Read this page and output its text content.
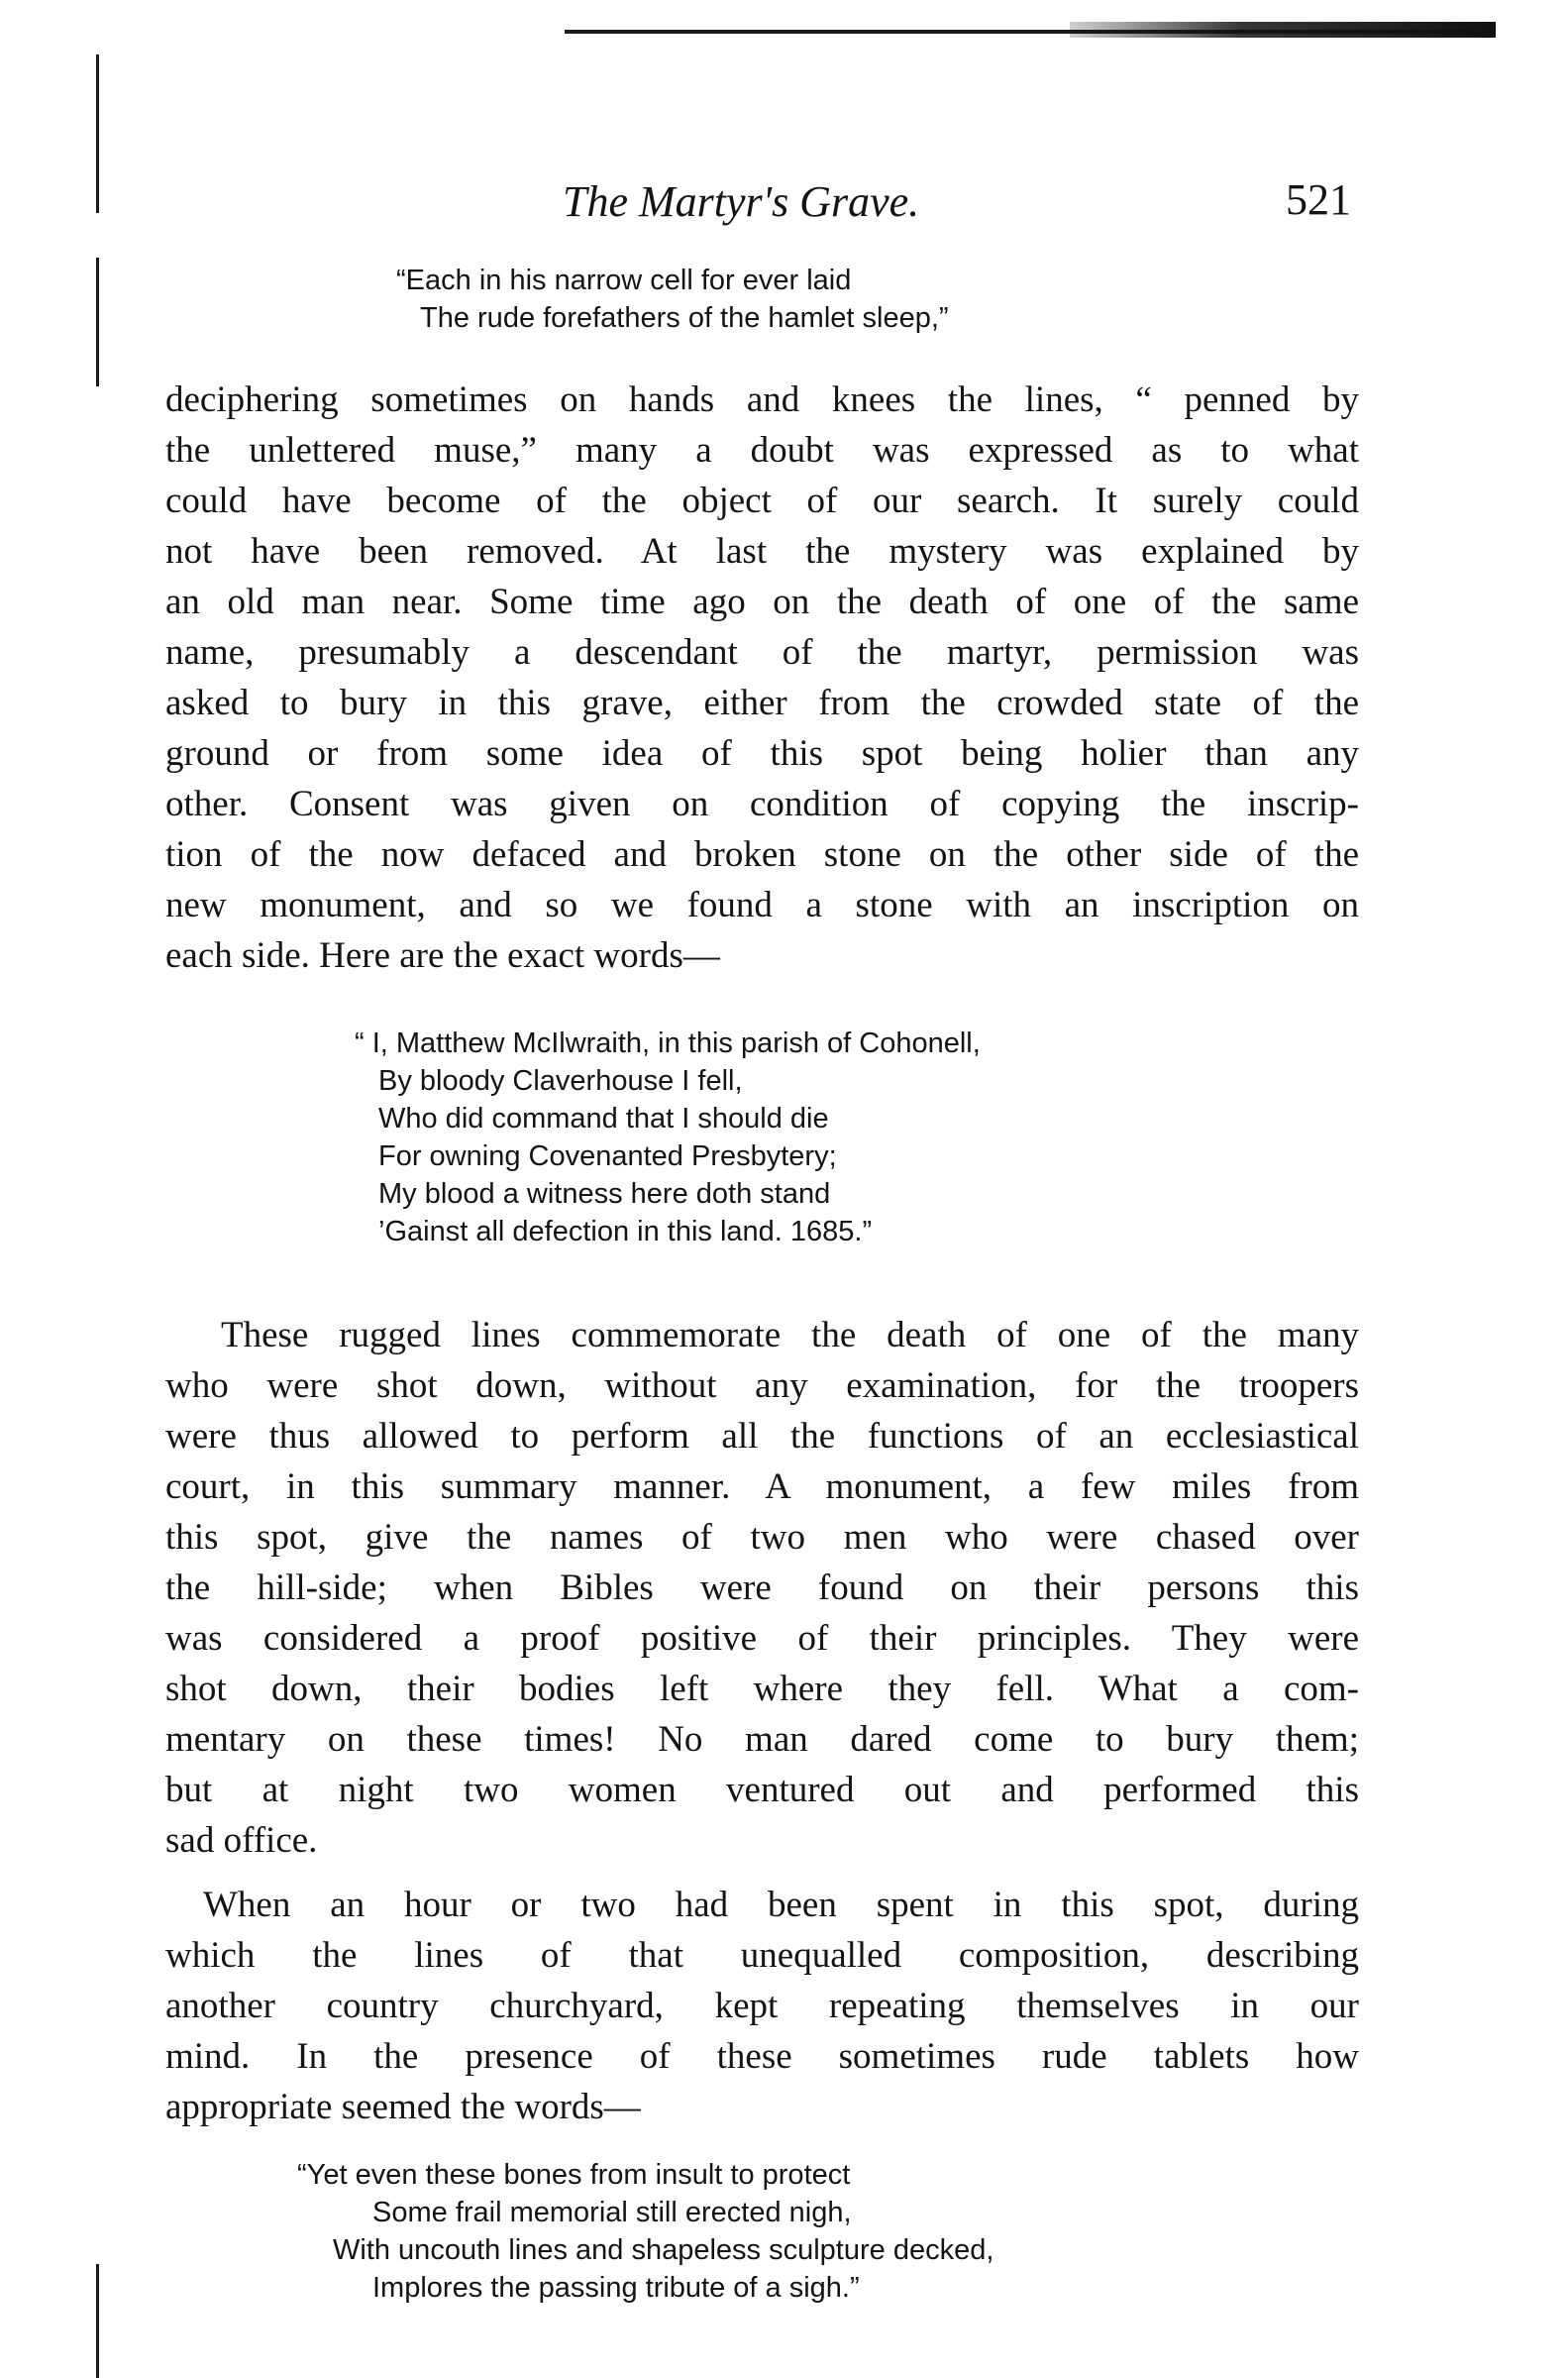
The Martyr's Grave.	521
“Each in his narrow cell for ever laid
The rude forefathers of the hamlet sleep,”
deciphering sometimes on hands and knees the lines, “ penned by
the unlettered muse,” many a doubt was expressed as to what
could have become of the object of our search. It surely could
not have been removed. At last the mystery was explained by
an old man near. Some time ago on the death of one of the same
name, presumably a descendant of the martyr, permission was
asked to bury in this grave, either from the crowded state of the
ground or from some idea of this spot being holier than any
other. Consent was given on condition of copying the inscrip-
tion of the now defaced and broken stone on the other side of the
new monument, and so we found a stone with an inscription on
each side. Here are the exact words—
“ I, Matthew McIlwraith, in this parish of Cohonell,
By bloody Claverhouse I fell,
Who did command that I should die
For owning Covenanted Presbytery;
My blood a witness here doth stand
’Gainst all defection in this land. 1685.”
These rugged lines commemorate the death of one of the many
who were shot down, without any examination, for the troopers
were thus allowed to perform all the functions of an ecclesiastical
court, in this summary manner. A monument, a few miles from
this spot, give the names of two men who were chased over
the hill-side; when Bibles were found on their persons this
was considered a proof positive of their principles. They were
shot down, their bodies left where they fell. What a com-
mentary on these times! No man dared come to bury them;
but at night two women ventured out and performed this
sad office.
When an hour or two had been spent in this spot, during
which the lines of that unequalled composition, describing
another country churchyard, kept repeating themselves in our
mind. In the presence of these sometimes rude tablets how
appropriate seemed the words—
“Yet even these bones from insult to protect
Some frail memorial still erected nigh,
With uncouth lines and shapeless sculpture decked,
Implores the passing tribute of a sigh.”
